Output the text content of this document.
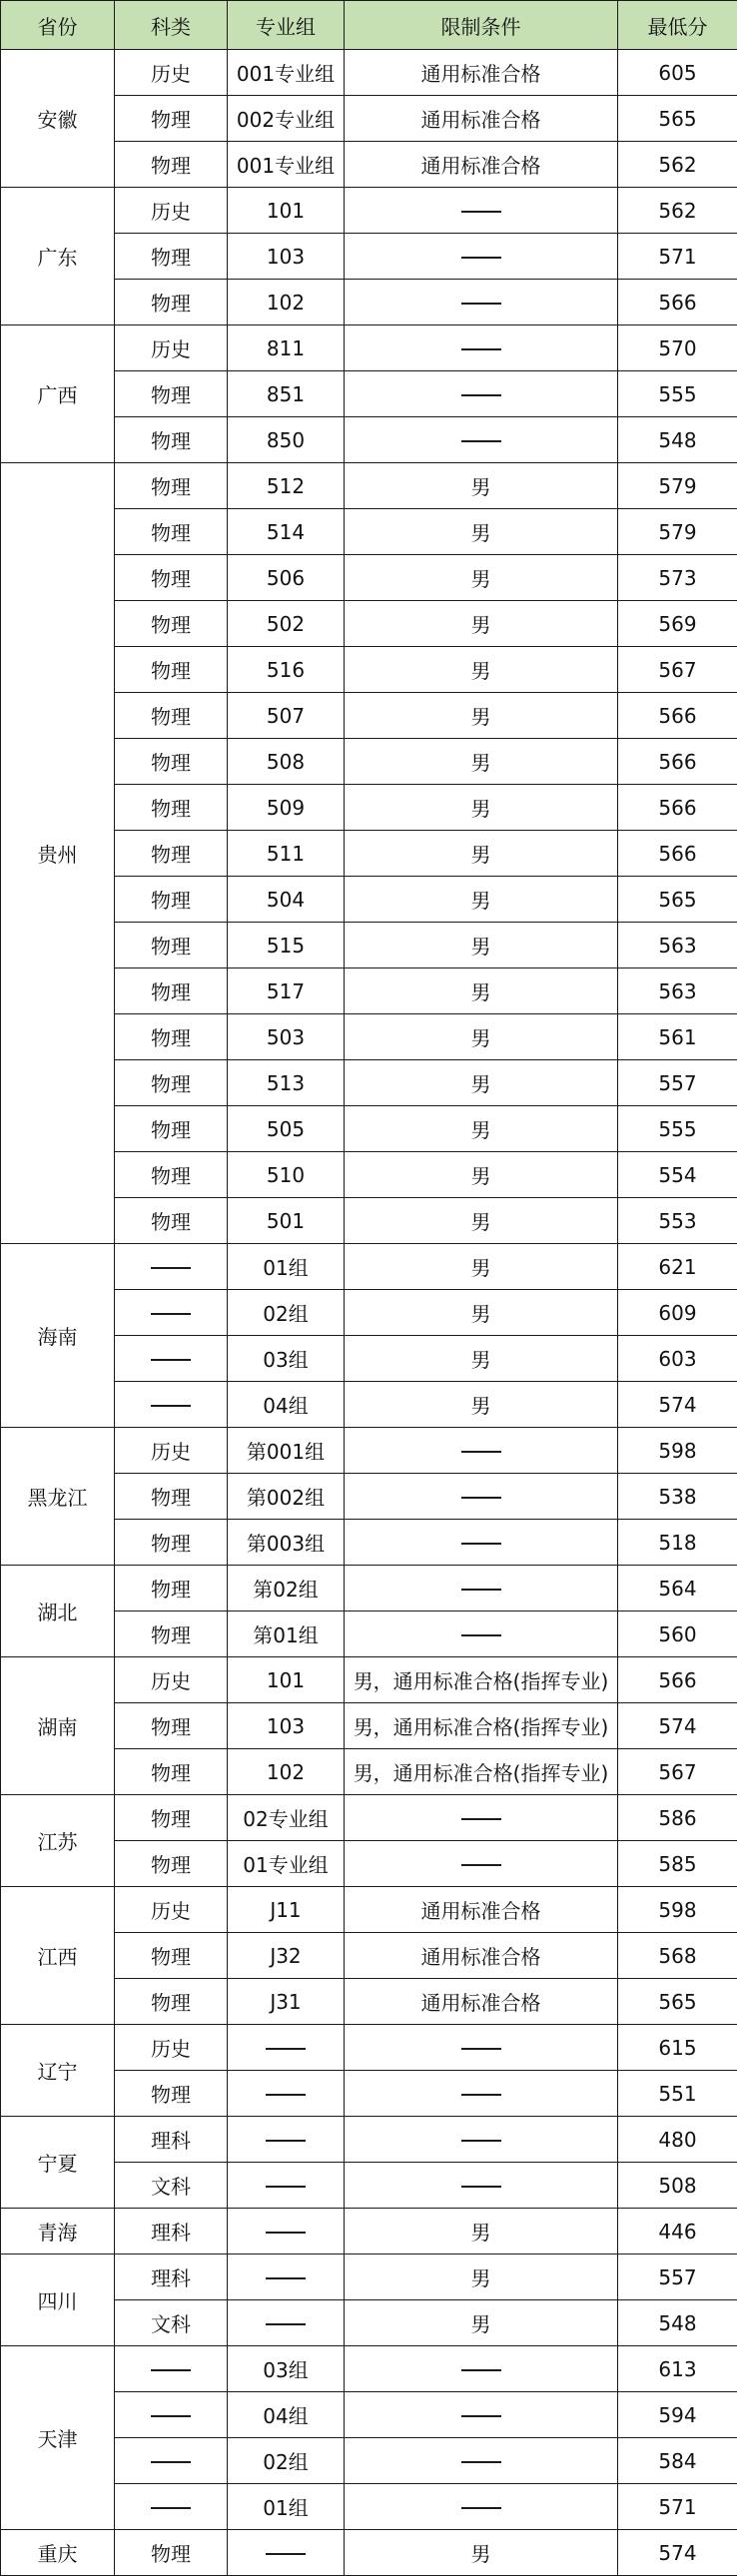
省份	科类	专业组	限制条件	最低分
安徽	历史	001专业组	通用标准合格	605
	物理	002专业组	通用标准合格	565
	物理	001专业组	通用标准合格	562
广东	历史	101		562
	物理	103		571
	物理	102		566
广西	历史	811		570
	物理	851		555
	物理	850		548
贵州	物理	512	男	579
	物理	514	男	579
	物理	506	男	573
	物理	502	男	569
	物理	516	男	567
	物理	507	男	566
	物理	508	男	566
	物理	509	男	566
	物理	511	男	566
	物理	504	男	565
	物理	515	男	563
	物理	517	男	563
	物理	503	男	561
	物理	513	男	557
	物理	505	男	555
	物理	510	男	554
	物理	501	男	553
海南		01组	男	621
		02组	男	609
		03组	男	603
		04组	男	574
黑龙江	历史	第001组		598
	物理	第002组		538
	物理	第003组		518
湖北	物理	第02组		564
	物理	第01组		560
湖南	历史	101	男，通用标准合格(指挥专业)	566
	物理	103	男，通用标准合格(指挥专业)	574
	物理	102	男，通用标准合格(指挥专业)	567
江苏	物理	02专业组		586
	物理	01专业组		585
江西	历史	J11	通用标准合格	598
	物理	J32	通用标准合格	568
	物理	J31	通用标准合格	565
辽宁	历史			615
	物理			551
宁夏	理科			480
	文科			508
青海	理科		男	446
四川	理科		男	557
	文科		男	548
天津		03组		613
		04组		594
		02组		584
		01组		571
重庆	物理		男	574
